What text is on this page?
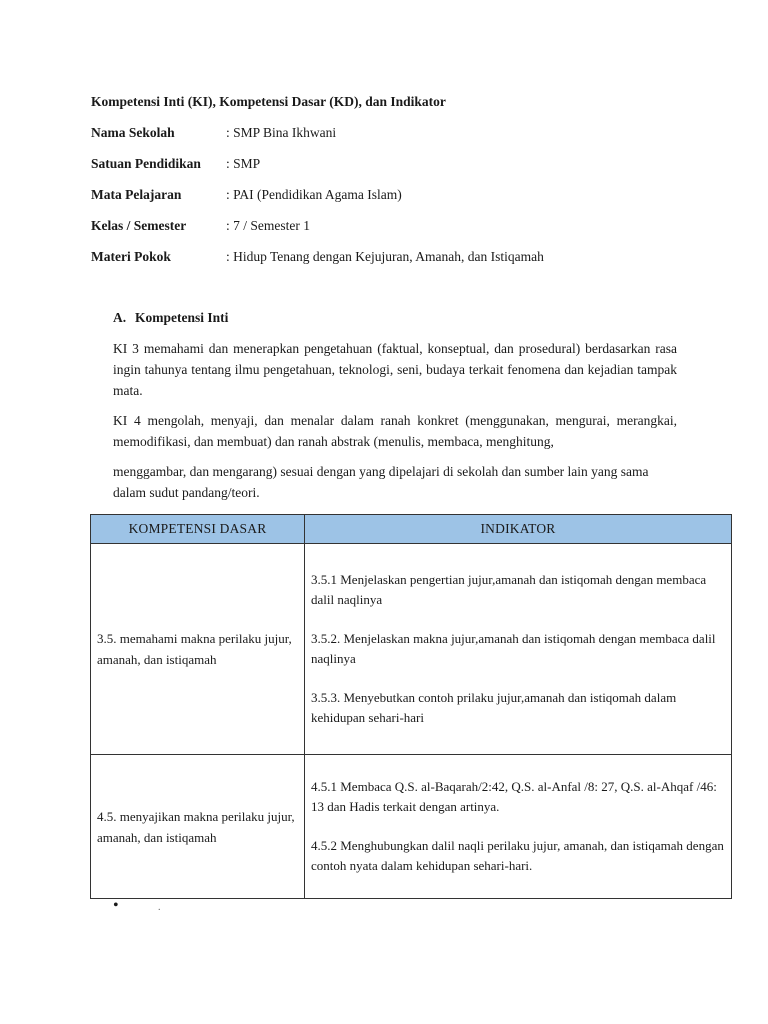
Kompetensi Inti (KI), Kompetensi Dasar (KD), dan Indikator
Nama Sekolah	: SMP Bina Ikhwani
Satuan Pendidikan	: SMP
Mata Pelajaran	: PAI (Pendidikan Agama Islam)
Kelas / Semester	: 7 / Semester 1
Materi Pokok	: Hidup Tenang dengan Kejujuran, Amanah, dan Istiqamah
A. Kompetensi Inti
KI 3 memahami dan menerapkan pengetahuan (faktual, konseptual, dan prosedural) berdasarkan rasa ingin tahunya tentang ilmu pengetahuan, teknologi, seni, budaya terkait fenomena dan kejadian tampak mata.
KI 4 mengolah, menyaji, dan menalar dalam ranah konkret (menggunakan, mengurai, merangkai, memodifikasi, dan membuat) dan ranah abstrak (menulis, membaca, menghitung,
menggambar, dan mengarang) sesuai dengan yang dipelajari di sekolah dan sumber lain yang sama dalam sudut pandang/teori.
KOMPETENSI DASAR	INDIKATOR
3.5. memahami makna perilaku jujur, amanah, dan istiqamah	3.5.1 Menjelaskan pengertian jujur,amanah dan istiqomah dengan membaca dalil naqlinya

3.5.2. Menjelaskan makna jujur,amanah dan istiqomah dengan membaca dalil naqlinya

3.5.3. Menyebutkan contoh prilaku jujur,amanah dan istiqomah dalam kehidupan sehari-hari

4.5. menyajikan makna perilaku jujur, amanah, dan istiqamah	4.5.1 Membaca Q.S. al-Baqarah/2:42, Q.S. al-Anfal /8: 27, Q.S. al-Ahqaf /46: 13 dan Hadis terkait dengan artinya.

4.5.2 Menghubungkan dalil naqli perilaku jujur, amanah, dan istiqamah dengan contoh nyata dalam kehidupan sehari-hari.

•	.
